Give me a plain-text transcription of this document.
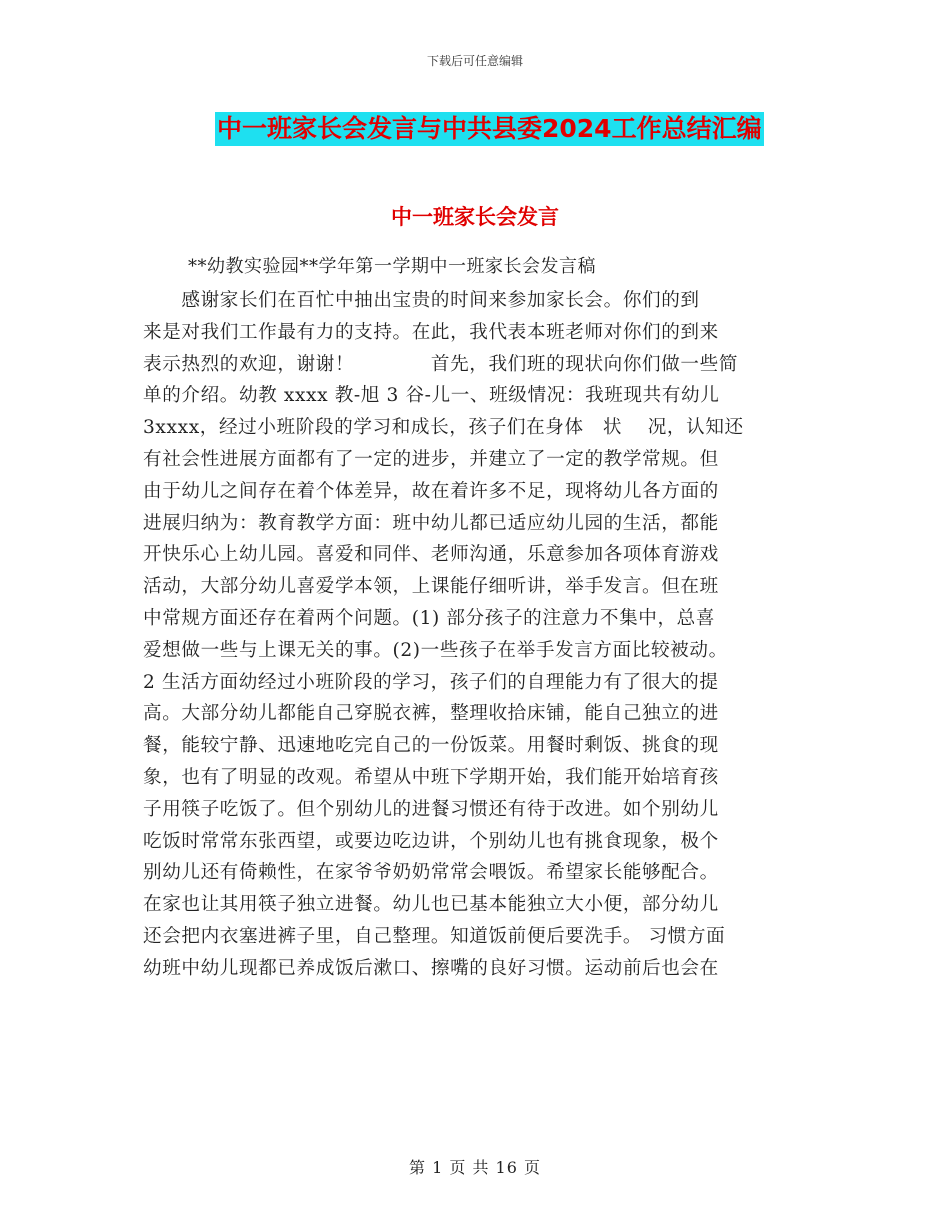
下载后可任意编辑
中一班家长会发言与中共县委2024工作总结汇编
中一班家长会发言
**幼教实验园**学年第一学期中一班家长会发言稿
　　感谢家长们在百忙中抽出宝贵的时间来参加家长会。你们的到
来是对我们工作最有力的支持。在此，我代表本班老师对你们的到来
表示热烈的欢迎，谢谢！　　　　首先，我们班的现状向你们做一些简
单的介绍。幼教 xxxx 教-旭 3 谷-儿一、班级情况：我班现共有幼儿
3xxxx，经过小班阶段的学习和成长，孩子们在身体　状　 况，认知还
有社会性进展方面都有了一定的进步，并建立了一定的教学常规。但
由于幼儿之间存在着个体差异，故在着许多不足，现将幼儿各方面的
进展归纳为：教育教学方面：班中幼儿都已适应幼儿园的生活，都能
开快乐心上幼儿园。喜爱和同伴、老师沟通，乐意参加各项体育游戏
活动，大部分幼儿喜爱学本领，上课能仔细听讲，举手发言。但在班
中常规方面还存在着两个问题。(1) 部分孩子的注意力不集中，总喜
爱想做一些与上课无关的事。(2)一些孩子在举手发言方面比较被动。
2 生活方面幼经过小班阶段的学习，孩子们的自理能力有了很大的提
高。大部分幼儿都能自己穿脱衣裤，整理收拾床铺，能自己独立的进
餐，能较宁静、迅速地吃完自己的一份饭菜。用餐时剩饭、挑食的现
象，也有了明显的改观。希望从中班下学期开始，我们能开始培育孩
子用筷子吃饭了。但个别幼儿的进餐习惯还有待于改进。如个别幼儿
吃饭时常常东张西望，或要边吃边讲，个别幼儿也有挑食现象，极个
别幼儿还有倚赖性，在家爷爷奶奶常常会喂饭。希望家长能够配合。
在家也让其用筷子独立进餐。幼儿也已基本能独立大小便，部分幼儿
还会把内衣塞进裤子里，自己整理。知道饭前便后要洗手。 习惯方面
幼班中幼儿现都已养成饭后漱口、擦嘴的良好习惯。运动前后也会在
第 1 页 共 16 页
